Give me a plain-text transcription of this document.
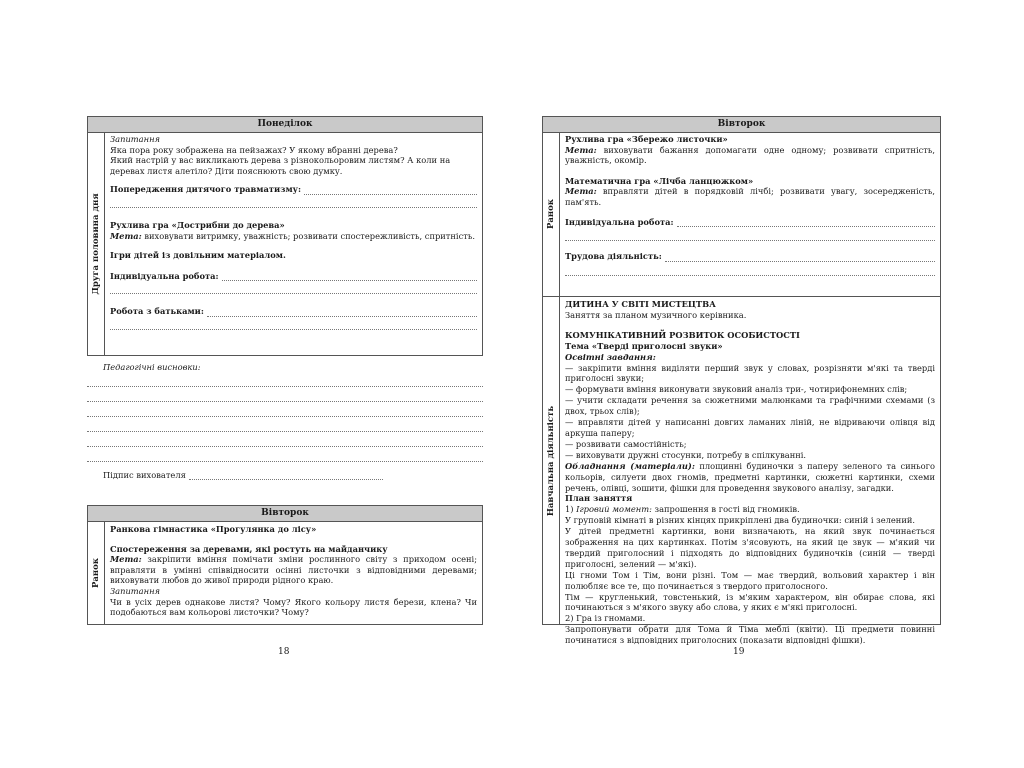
Понеділок
Друга половина дня

Запитання

Яка пора року зображена на пейзажах? У якому вбранні дерева?

Який настрій у вас викликають дерева з різнокольоровим листям? А коли на деревах листя алетіло? Діти пояснюють свою думку.

Попередження дитячого травматизму:

Рухлива гра «Дострибни до дерева»

Мета: виховувати витримку, уважність; розвивати спостережливість, спритність.

Ігри дітей із довільним матеріалом.

Індивідуальна робота:
Робота з батьками:

Педагогічні висновки:

Підпис вихователя
Вівторок
Ранок

Ранкова гімнастика «Прогулянка до лісу»

Спостереження за деревами, які ростуть на майданчику

Мета: закріпити вміння помічати зміни рослинного світу з приходом осені; вправляти в умінні співвідносити осінні листочки з відповідними деревами; виховувати любов до живої природи рідного краю.

Запитання

Чи в усіх дерев однакове листя? Чому? Якого кольору листя берези, клена? Чи подобаються вам кольорові листочки? Чому?

18
Вівторок
Ранок

Рухлива гра «Збережо листочки»

Мета: виховувати бажання допомагати одне одному; розвивати спритність, уважність, окомір.

Математична гра «Лічба ланцюжком»

Мета: вправляти дітей в порядковій лічбі; розвивати увагу, зосередженість, пам'ять.

Індивідуальна робота:
Трудова діяльність:
Навчальна діяльність

ДИТИНА У СВІТІ МИСТЕЦТВА

Заняття за планом музичного керівника.

КОМУНІКАТИВНИЙ РОЗВИТОК ОСОБИСТОСТІ

Тема «Тверді приголосні звуки»

Освітні завдання:

— закріпити вміння виділяти перший звук у словах, розрізняти м'які та тверді приголосні звуки;

— формувати вміння виконувати звуковий аналіз три-, чотирифонемних слів;

— учити складати речення за сюжетними малюнками та графічними схемами (з двох, трьох слів);

— вправляти дітей у написанні довгих ламаних ліній, не відриваючи олівця від аркуша паперу;

— розвивати самостійність;

— виховувати дружні стосунки, потребу в спілкуванні.

Обладнання (матеріали): площинні будиночки з паперу зеленого та синього кольорів, силуети двох гномів, предметні картинки, сюжетні картинки, схеми речень, олівці, зошити, фішки для проведення звукового аналізу, загадки.

План заняття

1) Ігровий момент: запрошення в гості від гномиків.

У груповій кімнаті в різних кінцях прикріплені два будиночки: синій і зелений.

У дітей предметні картинки, вони визначають, на який звук починається зображення на цих картинках. Потім з'ясовують, на який це звук — м'який чи твердий приголосний і підходять до відповідних будиночків (синій — тверді приголосні, зелений — м'які).

Ці гноми Том і Тім, вони різні. Том — має твердий, вольовий характер і він полюбляє все те, що починається з твердого приголосного.

Тім — кругленький, товстенький, із м'яким характером, він обирає слова, які починаються з м'якого звуку або слова, у яких є м'які приголосні.

2) Гра із гномами.

Запропонувати обрати для Тома й Тіма меблі (квіти). Ці предмети повинні починатися з відповідних приголосних (показати відповідні фішки).

19
